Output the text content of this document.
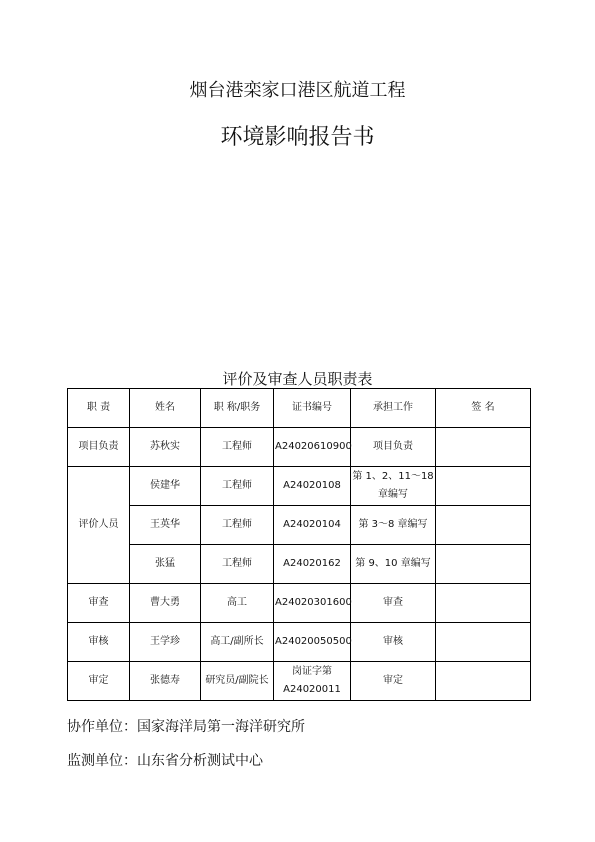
烟台港栾家口港区航道工程
环境影响报告书
评价及审查人员职责表
职 责	姓名	职 称/职务	证书编号	承担工作	签 名
项目负责	苏秋实	工程师	A24020610900	项目负责	
评价人员	侯建华	工程师	A24020108	第 1、2、11～18 章编写	
	王英华	工程师	A24020104	第 3～8 章编写	
	张猛	工程师	A24020162	第 9、10 章编写	
审查	曹大勇	高工	A24020301600	审查	
审核	王学珍	高工/副所长	A24020050500	审核	
审定	张德寿	研究员/副院长	岗证字第 A24020011	审定	
协作单位：国家海洋局第一海洋研究所
监测单位：山东省分析测试中心
